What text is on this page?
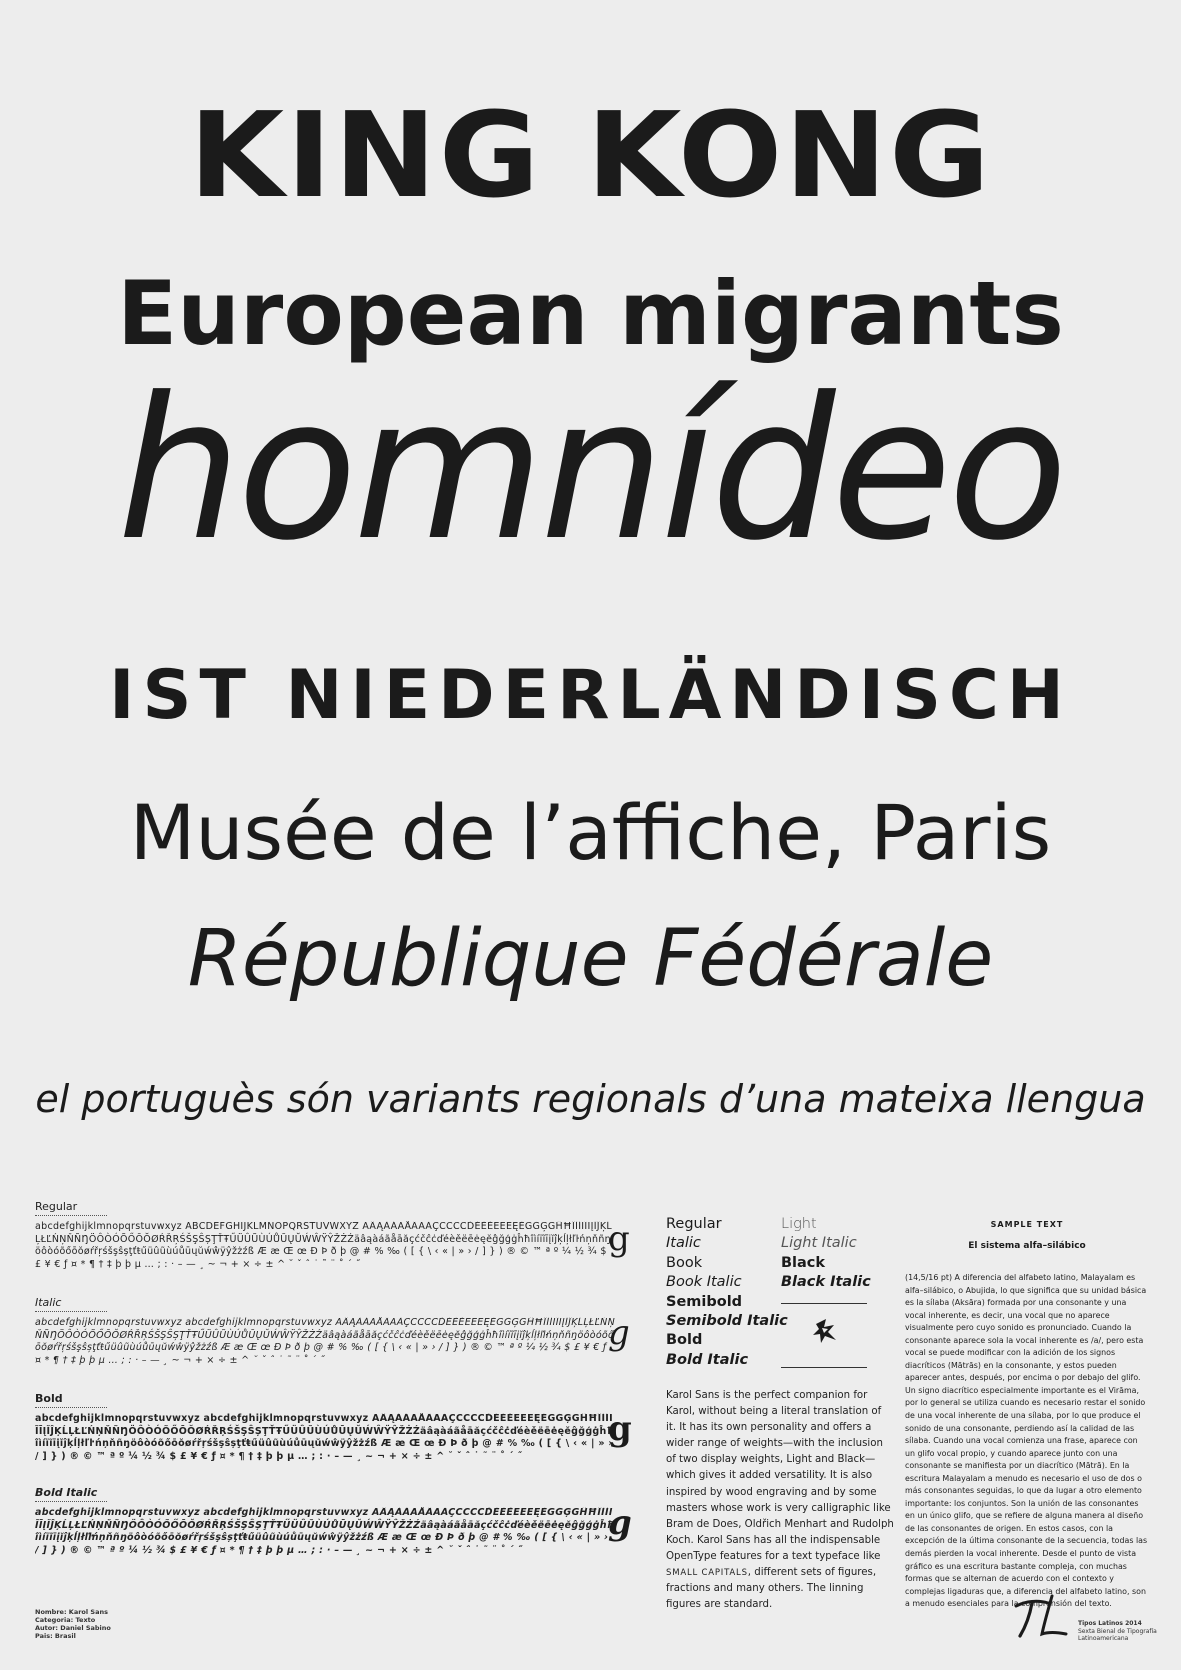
KING KONG
European migrants
homnídeo
IST NIEDERLÄNDISCH
Musée de l’affiche, Paris
République Fédérale
el portuguès són variants regionals d’una mateixa llengua
Regular
abcdefghijklmnopqrstuvwxyz ABCDEFGHIJKLMNOPQRSTUVWXYZ ÄÂĄÀÁÄÅÃĀĂÇĆČĈĊĎÉÈĚËĒĖĘĔĜĞĢĠĤĦÎÌÍÏĨĪĮĬĴĶĹĻŁĽŃŅŇÑŊÖÔÒÓÕŐŌŎØŔŘŖŚŠŞŜȘŢŤŦŰÜÛŨÙÚŮŪŲŬẂŴŸŶŽŻŹäâąàáãåāăçćčĉċďéèěëēėęĕĝğģġĥħîìíïĩīįĭĵķĺļłľŀńņňñŋöôòóõőōŏøŕřŗśšşŝșţťŧűüûũùúůūųŭẃŵÿŷžżźß Æ æ Œ œ Ð Þ ð þ @ # % ‰ ( [ { \ ‹ « | » › / ] } ) ® © ™ ª º ¼ ½ ¾ $ £ ¥ € ƒ ¤ * ¶ † ‡ þ ϸ µ … ; : · – — ¸ ~ ¬ + × ÷ ± ^ ˘ ˇ ˆ ˙ ˜ ¨ ˚ ´ ˝
g
Italic
abcdefghijklmnopqrstuvwxyz abcdefghijklmnopqrstuvwxyz ÄÂĄÀÁÄÅÃĀĂÇĆČĈĊĎÉÈĚËĒĖĘĔĜĞĢĠĤĦÎÌÍÏĨĪĮĬĴĶĹĻŁĽŃŅŇÑŊÖÔÒÓÕŐŌŎØŔŘŖŚŠŞŜȘŢŤŦŰÜÛŨÙÚŮŪŲŬẂŴŸŶŽŻŹäâąàáãåāăçćčĉċďéèěëēėęĕĝğģġĥħîìíïĩīįĭĵķĺļłľŀńņňñŋöôòóõőōŏøŕřŗśšşŝșţťŧűüûũùúůūųŭẃŵÿŷžżźß Æ æ Œ œ Ð Þ ð þ @ # % ‰ ( [ { \ ‹ « | » › / ] } ) ® © ™ ª º ¼ ½ ¾ $ £ ¥ € ƒ ¤ * ¶ † ‡ þ ϸ µ … ; : · – — ¸ ~ ¬ + × ÷ ± ^ ˘ ˇ ˆ ˙ ˜ ¨ ˚ ´ ˝
g
Bold
abcdefghijklmnopqrstuvwxyz abcdefghijklmnopqrstuvwxyz ÄÂĄÀÁÄÅÃĀĂÇĆČĈĊĎÉÈĚËĒĖĘĔĜĞĢĠĤĦÎÌÍÏĨĪĮĬĴĶĹĻŁĽŃŅŇÑŊÖÔÒÓÕŐŌŎØŔŘŖŚŠŞŜȘŢŤŦŰÜÛŨÙÚŮŪŲŬẂŴŸŶŽŻŹäâąàáãåāăçćčĉċďéèěëēėęĕĝğģġĥħîìíïĩīįĭĵķĺļłľŀńņňñŋöôòóõőōŏøŕřŗśšşŝșţťŧűüûũùúůūųŭẃŵÿŷžżźß Æ æ Œ œ Ð Þ ð þ @ # % ‰ ( [ { \ ‹ « | » › / ] } ) ® © ™ ª º ¼ ½ ¾ $ £ ¥ € ƒ ¤ * ¶ † ‡ þ ϸ µ … ; : · – — ¸ ~ ¬ + × ÷ ± ^ ˘ ˇ ˆ ˙ ˜ ¨ ˚ ´ ˝
g
Bold Italic
abcdefghijklmnopqrstuvwxyz abcdefghijklmnopqrstuvwxyz ÄÂĄÀÁÄÅÃĀĂÇĆČĈĊĎÉÈĚËĒĖĘĔĜĞĢĠĤĦÎÌÍÏĨĪĮĬĴĶĹĻŁĽŃŅŇÑŊÖÔÒÓÕŐŌŎØŔŘŖŚŠŞŜȘŢŤŦŰÜÛŨÙÚŮŪŲŬẂŴŸŶŽŻŹäâąàáãåāăçćčĉċďéèěëēėęĕĝğģġĥħîìíïĩīįĭĵķĺļłľŀńņňñŋöôòóõőōŏøŕřŗśšşŝșţťŧűüûũùúůūųŭẃŵÿŷžżźß Æ æ Œ œ Ð Þ ð þ @ # % ‰ ( [ { \ ‹ « | » › / ] } ) ® © ™ ª º ¼ ½ ¾ $ £ ¥ € ƒ ¤ * ¶ † ‡ þ ϸ µ … ; : · – — ¸ ~ ¬ + × ÷ ± ^ ˘ ˇ ˆ ˙ ˜ ¨ ˚ ´ ˝
g
Regular
Italic
Book
Book Italic
Semibold
Semibold Italic
Bold
Bold Italic
Light
Light Italic
Black
Black Italic
Karol Sans is the perfect companion for Karol, without being a literal translation of it. It has its own personality and offers a wider range of weights—with the inclusion of two display weights, Light and Black—which gives it added versatility. It is also inspired by wood engraving and by some masters whose work is very calligraphic like Bram de Does, Oldřich Menhart and Rudolph Koch. Karol Sans has all the indispensable OpenType features for a text typeface like SMALL CAPITALS, different sets of figures, fractions and many others. The linning figures are standard.
SAMPLE TEXT
El sistema alfa–silábico
(14,5/16 pt) A diferencia del alfabeto latino, Malayalam es alfa–silábico, o Abujida, lo que significa que su unidad básica es la sílaba (Aksāra) formada por una consonante y una vocal inherente, es decir, una vocal que no aparece visualmente pero cuyo sonido es pronunciado. Cuando la consonante aparece sola la vocal inherente es /a/, pero esta vocal se puede modificar con la adición de los signos diacríticos (Mātrās) en la consonante, y estos pueden aparecer antes, después, por encima o por debajo del glifo. Un signo diacrítico especialmente importante es el Virāma, por lo general se utiliza cuando es necesario restar el sonido de una vocal inherente de una sílaba, por lo que produce el sonido de una consonante, perdiendo así la calidad de las sílaba. Cuando una vocal comienza una frase, aparece con un glifo vocal propio, y cuando aparece junto con una consonante se manifiesta por un diacrítico (Mātrā). En la escritura Malayalam a menudo es necesario el uso de dos o más consonantes seguidas, lo que da lugar a otro elemento importante: los conjuntos. Son la unión de las consonantes en un único glifo, que se refiere de alguna manera al diseño de las consonantes de origen. En estos casos, con la excepción de la última consonante de la secuencia, todas las demás pierden la vocal inherente. Desde el punto de vista gráfico es una escritura bastante compleja, con muchas formas que se alternan de acuerdo con el contexto y complejas ligaduras que, a diferencia del alfabeto latino, son a menudo esenciales para la comprensión del texto.
Nombre: Karol Sans
Categoria: Texto
Autor: Daniel Sabino
Pais: Brasil
Tipos Latinos 2014
Sexta Bienal de Tipografía
Latinoamericana
